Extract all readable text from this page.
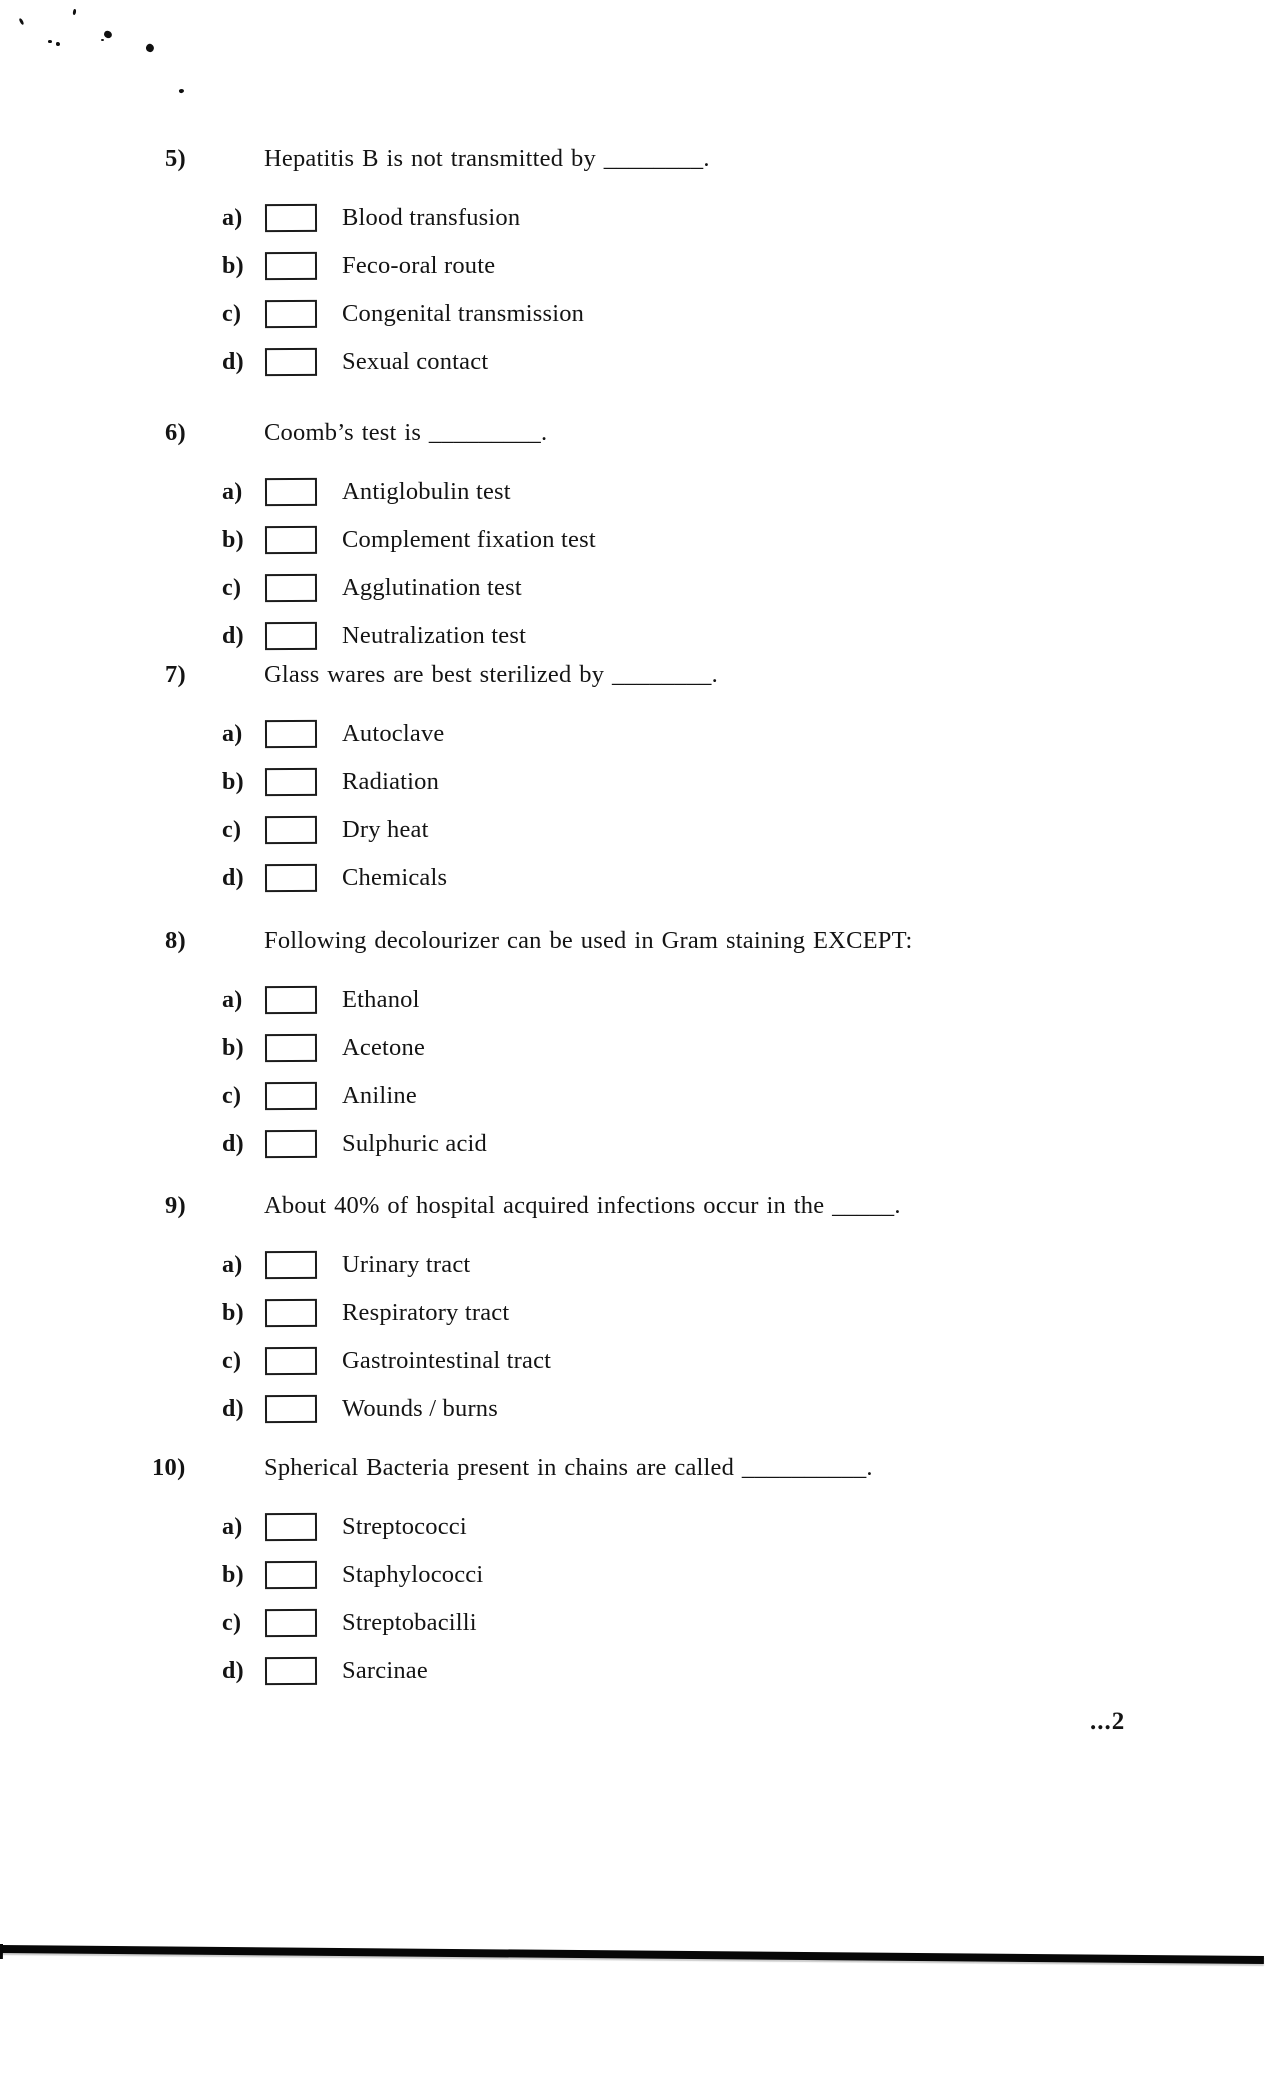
5)	Hepatitis B is not transmitted by ________.
a)	Blood transfusion
b)	Feco-oral route
c)	Congenital transmission
d)	Sexual contact
6)	Coomb’s test is _________.
a)	Antiglobulin test
b)	Complement fixation test
c)	Agglutination test
d)	Neutralization test
7)	Glass wares are best sterilized by ________.
a)	Autoclave
b)	Radiation
c)	Dry heat
d)	Chemicals
8)	Following decolourizer can be used in Gram staining EXCEPT:
a)	Ethanol
b)	Acetone
c)	Aniline
d)	Sulphuric acid
9)	About 40% of hospital acquired infections occur in the _____.
a)	Urinary tract
b)	Respiratory tract
c)	Gastrointestinal tract
d)	Wounds / burns
10)	Spherical Bacteria present in chains are called __________.
a)	Streptococci
b)	Staphylococci
c)	Streptobacilli
d)	Sarcinae
...2
